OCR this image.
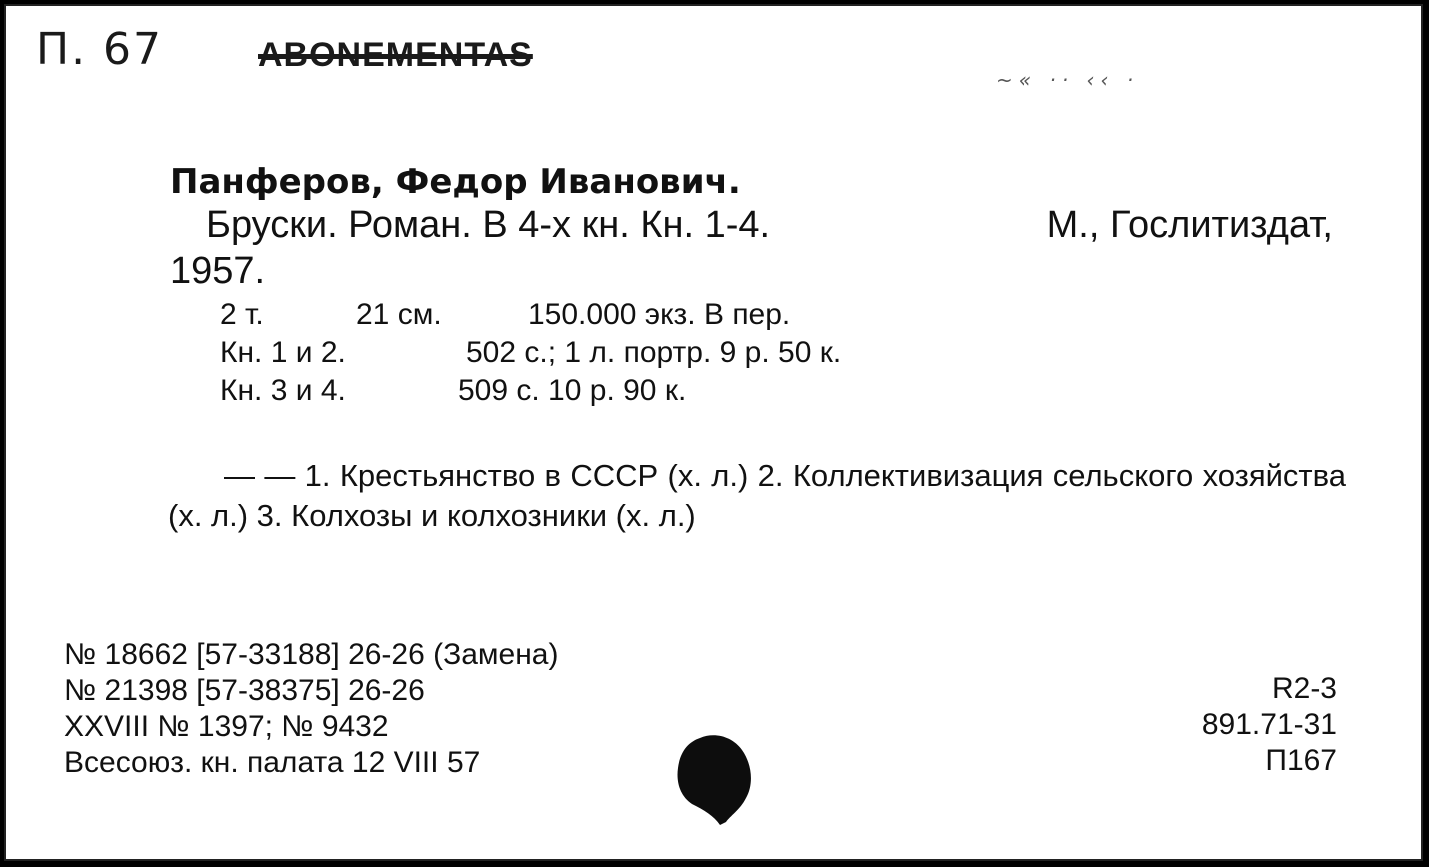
П. 67	ABONEMENTAS
~« ·· ‹‹ ·
Панферов, Федор Иванович.
Бруски. Роман. В 4-х кн. Кн. 1-4.	М., Гослитиздат,
1957.
2 т.	21 см.	150.000 экз. В пер.
Кн. 1 и 2.	502 с.; 1 л. портр. 9 р. 50 к.
Кн. 3 и 4.	509 с. 10 р. 90 к.
— — 1. Крестьянство в СССР (х. л.) 2. Коллективизация сельского хозяйства (х. л.) 3. Колхозы и колхозники (х. л.)
№ 18662 [57-33188] 26-26 (Замена)
№ 21398 [57-38375] 26-26
XXVIII № 1397; № 9432
Всесоюз. кн. палата 12 VIII 57
R2-3
891.71-31
П167
